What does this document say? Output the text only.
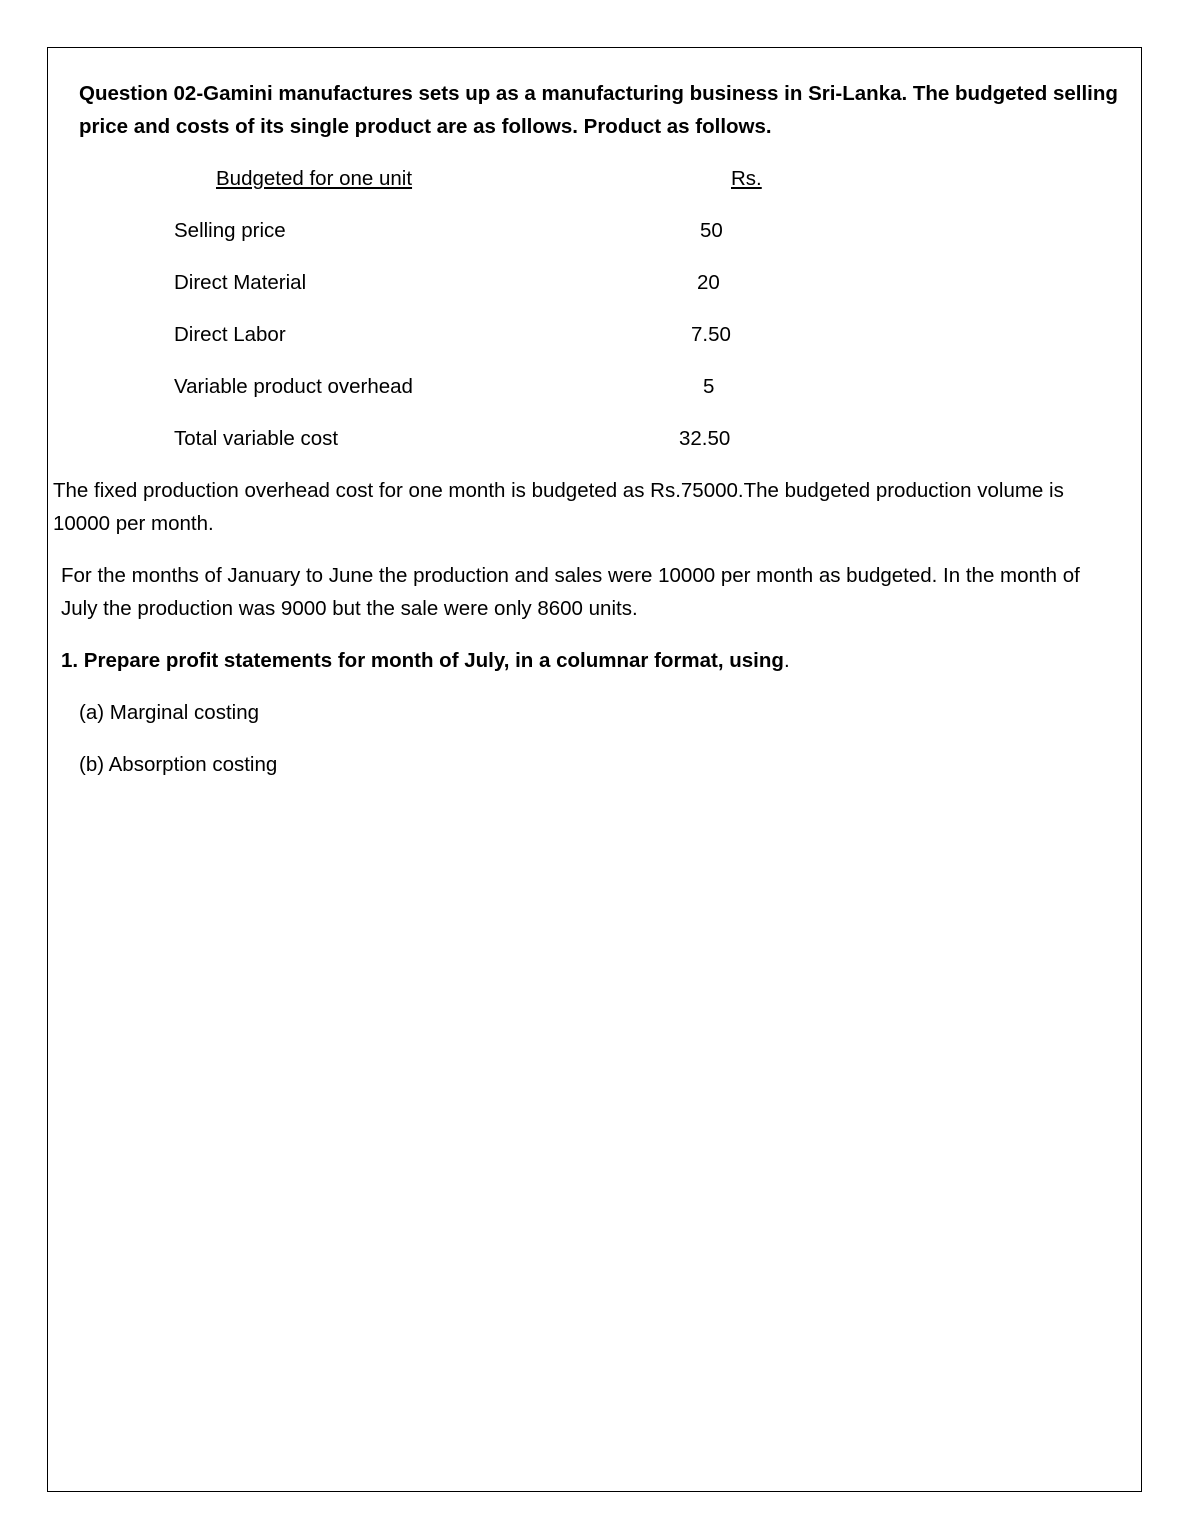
Question 02-Gamini manufactures sets up as a manufacturing business in Sri-Lanka. The budgeted selling

price and costs of its single product are as follows. Product as follows.

Budgeted for one unit	Rs.

Selling price	50

Direct Material	20

Direct Labor	7.50

Variable product overhead	5

Total variable cost	32.50

The fixed production overhead cost for one month is budgeted as Rs.75000.The budgeted production volume is

10000 per month.

For the months of January to June the production and sales were 10000 per month as budgeted. In the month of

July the production was 9000 but the sale were only 8600 units.

1. Prepare profit statements for month of July, in a columnar format, using.

(a) Marginal costing

(b) Absorption costing
